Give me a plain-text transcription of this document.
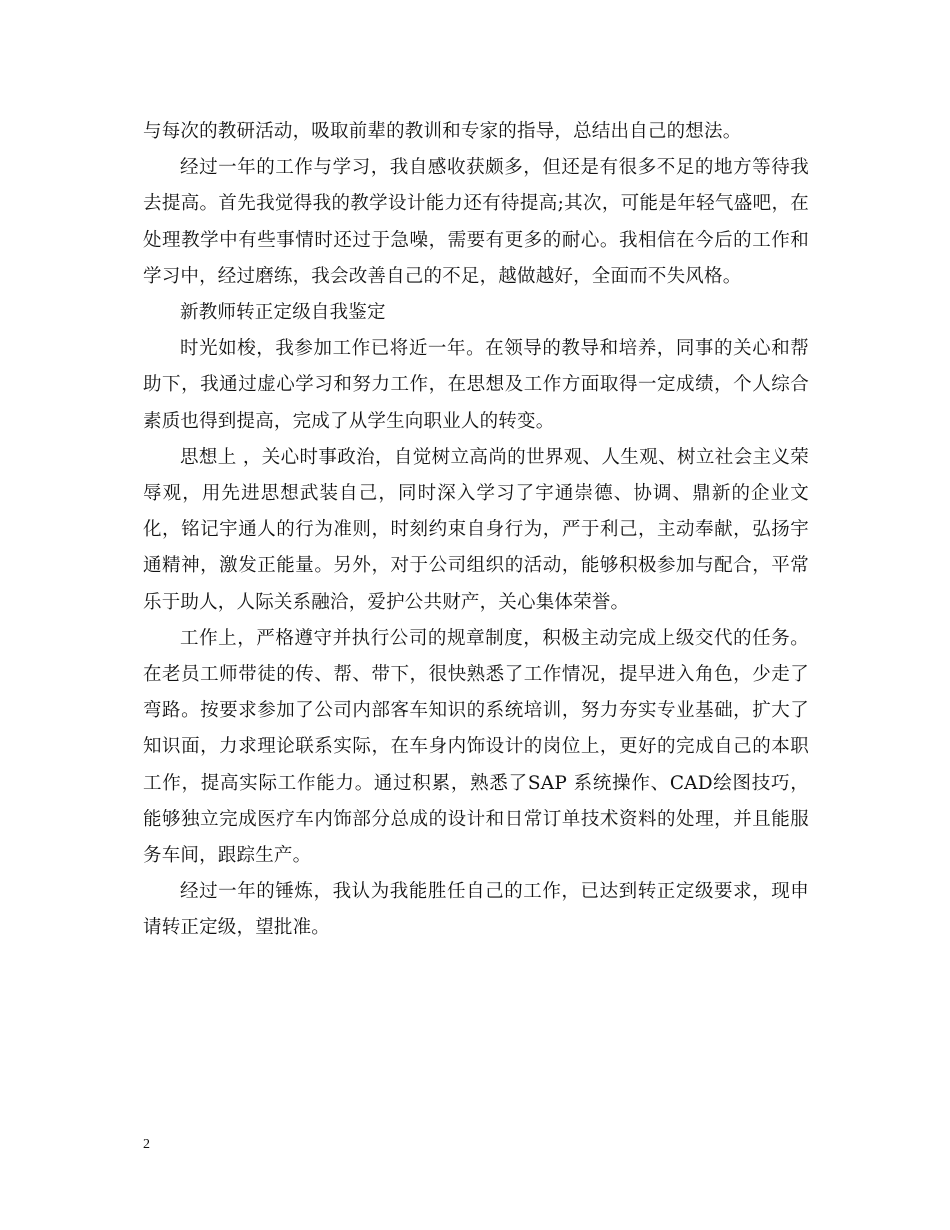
与每次的教研活动，吸取前辈的教训和专家的指导，总结出自己的想法。

经过一年的工作与学习，我自感收获颇多，但还是有很多不足的地方等待我去提高。首先我觉得我的教学设计能力还有待提高;其次，可能是年轻气盛吧，在处理教学中有些事情时还过于急噪，需要有更多的耐心。我相信在今后的工作和学习中，经过磨练，我会改善自己的不足，越做越好，全面而不失风格。

新教师转正定级自我鉴定

时光如梭，我参加工作已将近一年。在领导的教导和培养，同事的关心和帮助下，我通过虚心学习和努力工作，在思想及工作方面取得一定成绩，个人综合素质也得到提高，完成了从学生向职业人的转变。

思想上 ，关心时事政治，自觉树立高尚的世界观、人生观、树立社会主义荣辱观，用先进思想武装自己，同时深入学习了宇通崇德、协调、鼎新的企业文化，铭记宇通人的行为准则，时刻约束自身行为，严于利己，主动奉献，弘扬宇通精神，激发正能量。另外，对于公司组织的活动，能够积极参加与配合，平常乐于助人，人际关系融洽，爱护公共财产，关心集体荣誉。

工作上，严格遵守并执行公司的规章制度，积极主动完成上级交代的任务。在老员工师带徒的传、帮、带下，很快熟悉了工作情况，提早进入角色，少走了弯路。按要求参加了公司内部客车知识的系统培训，努力夯实专业基础，扩大了知识面，力求理论联系实际，在车身内饰设计的岗位上，更好的完成自己的本职工作，提高实际工作能力。通过积累，熟悉了SAP 系统操作、CAD绘图技巧，能够独立完成医疗车内饰部分总成的设计和日常订单技术资料的处理，并且能服务车间，跟踪生产。

经过一年的锤炼，我认为我能胜任自己的工作，已达到转正定级要求，现申请转正定级，望批准。

2
